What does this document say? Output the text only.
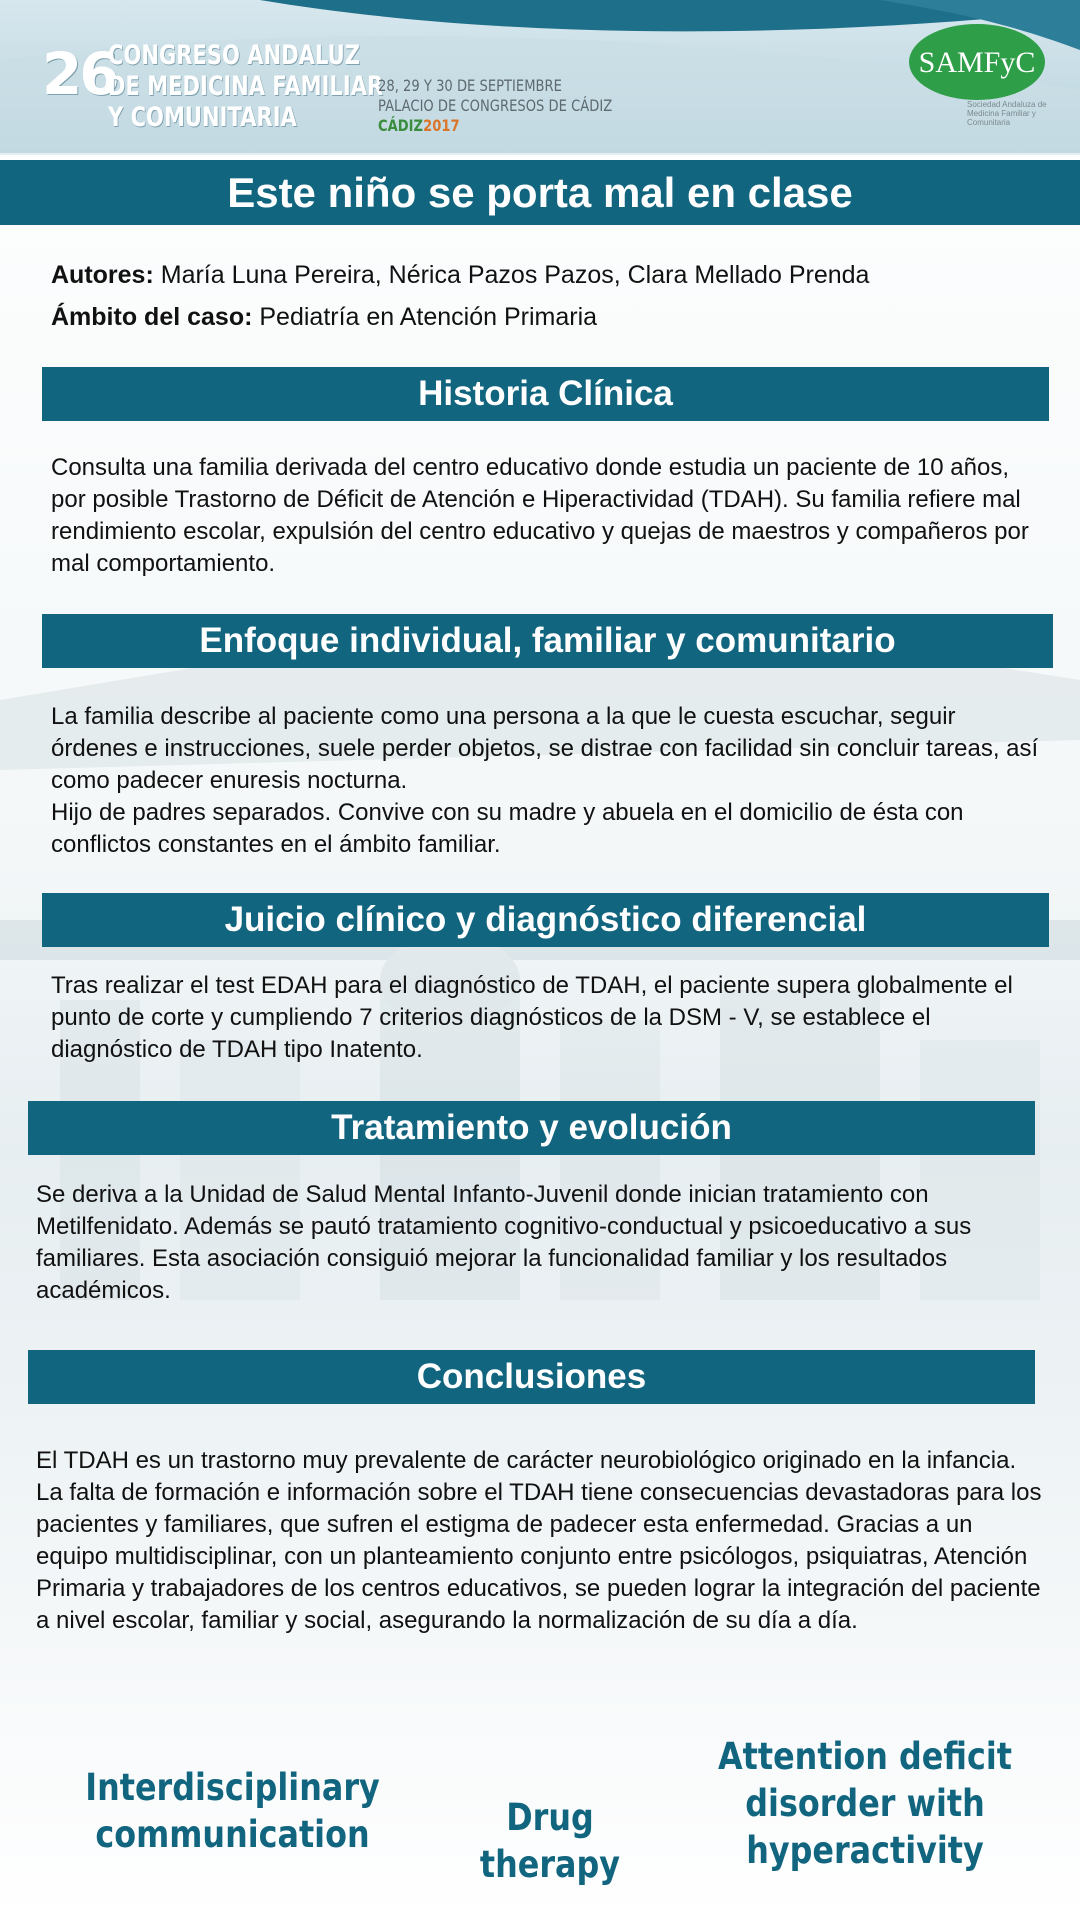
26
CONGRESO ANDALUZ
DE MEDICINA FAMILIAR
Y COMUNITARIA
28, 29 Y 30 DE SEPTIEMBRE
PALACIO DE CONGRESOS DE CÁDIZ
CÁDIZ2017
SAMFyC
Sociedad Andaluza de Medicina Familiar y Comunitaria
Este niño se porta mal en clase
Autores: María Luna Pereira, Nérica Pazos Pazos, Clara Mellado Prenda
Ámbito del caso: Pediatría en Atención Primaria
Historia Clínica

Consulta una familia derivada del centro educativo donde estudia un paciente de 10 años, por posible Trastorno de Déficit de Atención e Hiperactividad (TDAH). Su familia refiere mal rendimiento escolar, expulsión del centro educativo y quejas de maestros y compañeros por mal comportamiento.

Enfoque individual, familiar y comunitario

La familia describe al paciente como una persona a la que le cuesta escuchar, seguir órdenes e instrucciones, suele perder objetos, se distrae con facilidad sin concluir tareas, así como padecer enuresis nocturna.

Hijo de padres separados. Convive con su madre y abuela en el domicilio de ésta con conflictos constantes en el ámbito familiar.

Juicio clínico y diagnóstico diferencial

Tras realizar el test EDAH para el diagnóstico de TDAH, el paciente supera globalmente el punto de corte y cumpliendo 7 criterios diagnósticos de la DSM - V, se establece el diagnóstico de TDAH tipo Inatento.

Tratamiento y evolución

Se deriva a la Unidad de Salud Mental Infanto-Juvenil donde inician tratamiento con Metilfenidato. Además se pautó tratamiento cognitivo-conductual y psicoeducativo a sus familiares. Esta asociación consiguió mejorar la funcionalidad familiar y los resultados académicos.

Conclusiones

El TDAH es un trastorno muy prevalente de carácter neurobiológico originado en la infancia. La falta de formación e información sobre el TDAH tiene consecuencias devastadoras para los pacientes y familiares, que sufren el estigma de padecer esta enfermedad. Gracias a un equipo multidisciplinar, con un planteamiento conjunto entre psicólogos, psiquiatras, Atención Primaria y trabajadores de los centros educativos, se pueden lograr la integración del paciente a nivel escolar, familiar y social, asegurando la normalización de su día a día.

Interdisciplinary communication	Drug therapy
Attention deficit disorder with hyperactivity
